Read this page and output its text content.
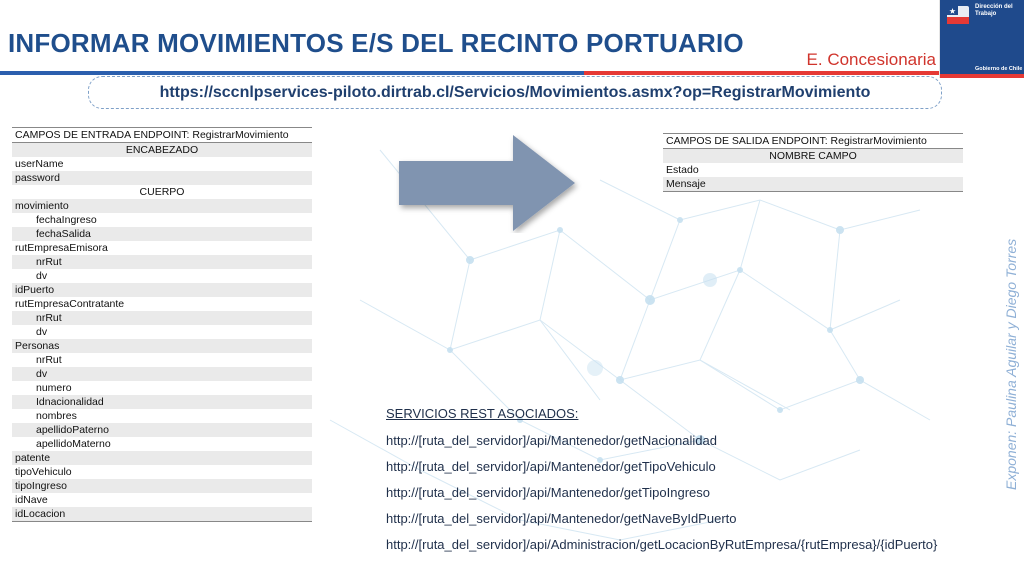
INFORMAR MOVIMIENTOS E/S DEL RECINTO PORTUARIO
E. Concesionaria
Dirección del
Trabajo
Gobierno de Chile
https://sccnlpservices-piloto.dirtrab.cl/Servicios/Movimientos.asmx?op=RegistrarMovimiento
CAMPOS DE ENTRADA ENDPOINT: RegistrarMovimiento
ENCABEZADO
userName
password
CUERPO
movimiento
fechaIngreso
fechaSalida
rutEmpresaEmisora
nrRut
dv
idPuerto
rutEmpresaContratante
nrRut
dv
Personas
nrRut
dv
numero
Idnacionalidad
nombres
apellidoPaterno
apellidoMaterno
patente
tipoVehiculo
tipoIngreso
idNave
idLocacion
CAMPOS DE SALIDA ENDPOINT: RegistrarMovimiento
NOMBRE CAMPO
Estado
Mensaje
SERVICIOS REST ASOCIADOS:
http://[ruta_del_servidor]/api/Mantenedor/getNacionalidad
http://[ruta_del_servidor]/api/Mantenedor/getTipoVehiculo
http://[ruta_del_servidor]/api/Mantenedor/getTipoIngreso
http://[ruta_del_servidor]/api/Mantenedor/getNaveByIdPuerto
http://[ruta_del_servidor]/api/Administracion/getLocacionByRutEmpresa/{rutEmpresa}/{idPuerto}
Exponen: Paulina Aguilar y Diego Torres
